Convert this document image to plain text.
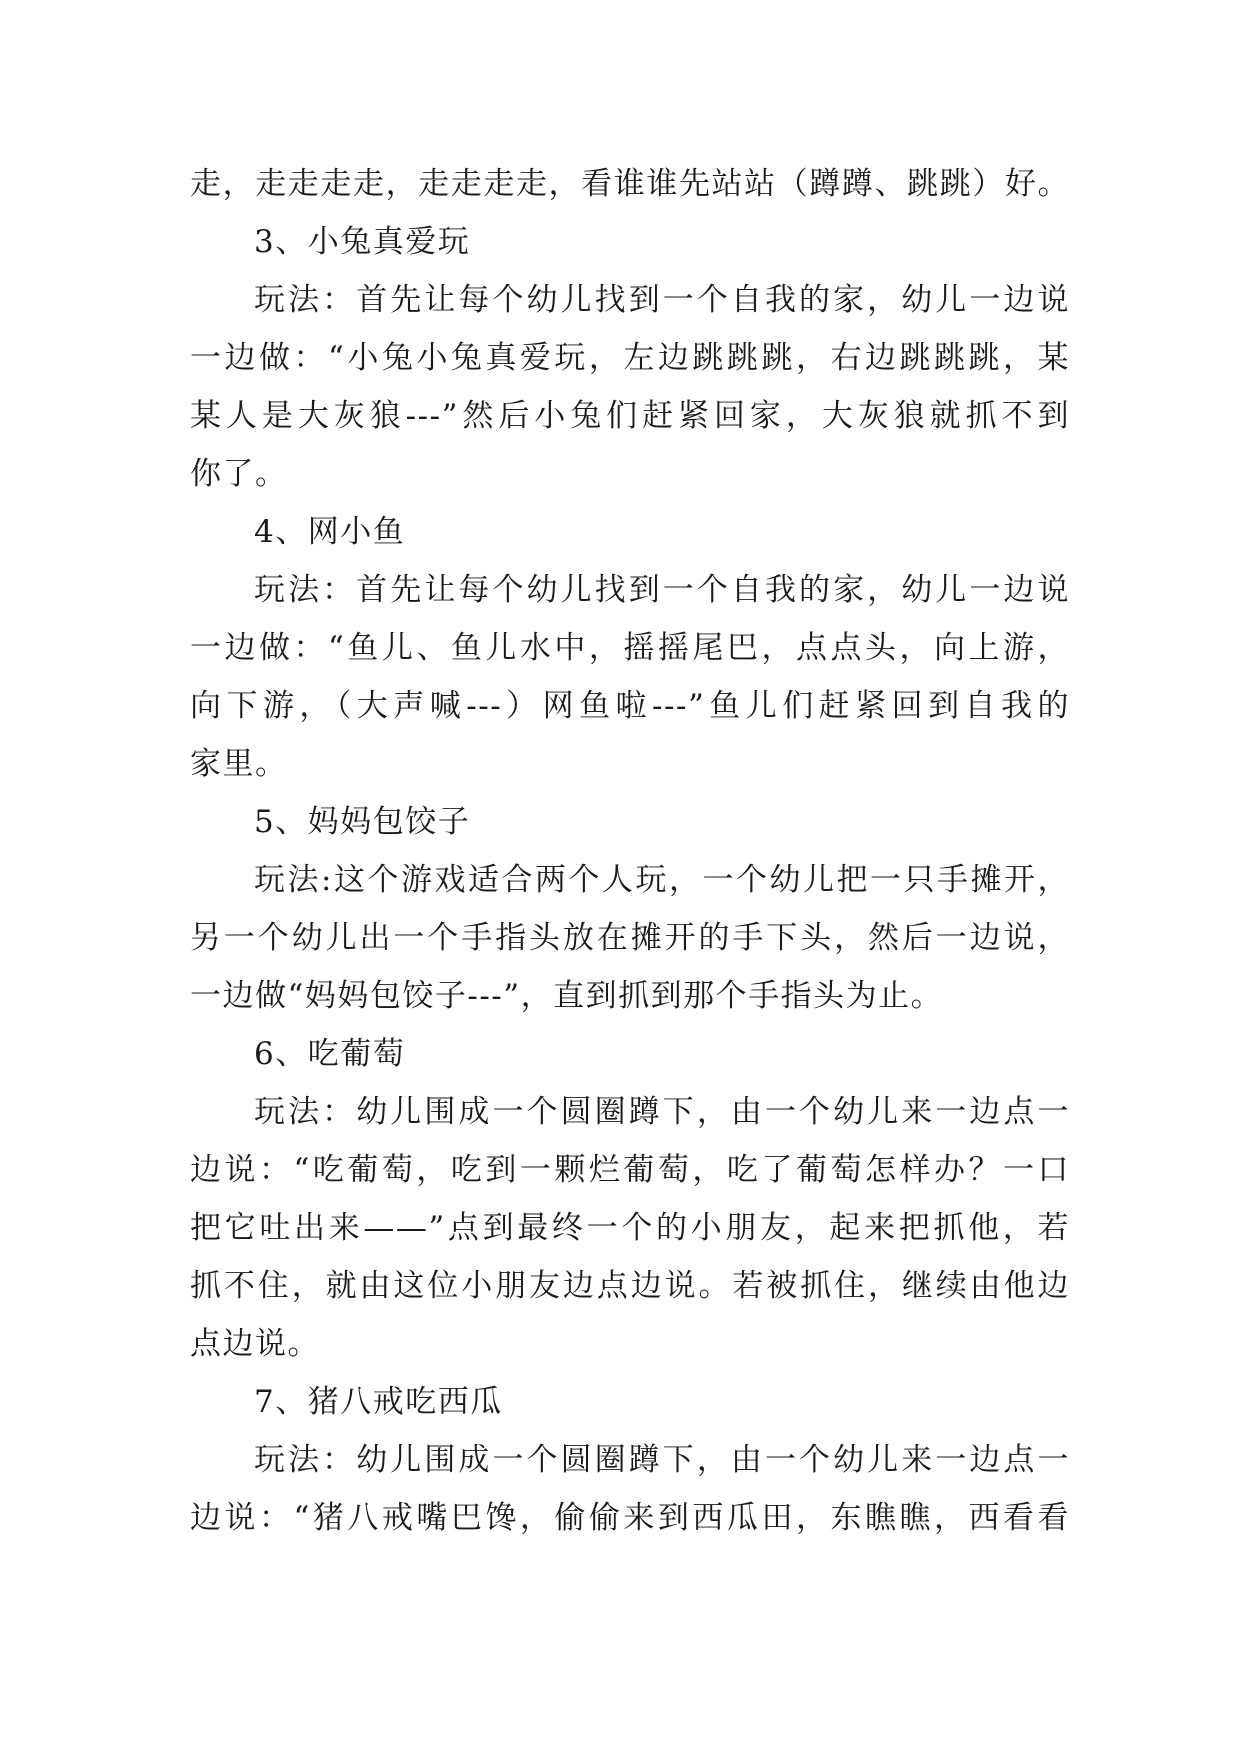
走，走走走走，走走走走，看谁谁先站站（蹲蹲、跳跳）好。
3、小兔真爱玩
玩法：首先让每个幼儿找到一个自我的家，幼儿一边说
一边做：“小兔小兔真爱玩，左边跳跳跳，右边跳跳跳，某
某人是大灰狼---”然后小兔们赶紧回家，大灰狼就抓不到
你了。
4、网小鱼
玩法：首先让每个幼儿找到一个自我的家，幼儿一边说
一边做：“鱼儿、鱼儿水中，摇摇尾巴，点点头，向上游，
向下游，（大声喊---）网鱼啦---”鱼儿们赶紧回到自我的
家里。
5、妈妈包饺子
玩法:这个游戏适合两个人玩，一个幼儿把一只手摊开，
另一个幼儿出一个手指头放在摊开的手下头，然后一边说，
一边做“妈妈包饺子---”，直到抓到那个手指头为止。
6、吃葡萄
玩法：幼儿围成一个圆圈蹲下，由一个幼儿来一边点一
边说：“吃葡萄，吃到一颗烂葡萄，吃了葡萄怎样办？一口
把它吐出来——”点到最终一个的小朋友，起来把抓他，若
抓不住，就由这位小朋友边点边说。若被抓住，继续由他边
点边说。
7、猪八戒吃西瓜
玩法：幼儿围成一个圆圈蹲下，由一个幼儿来一边点一
边说：“猪八戒嘴巴馋，偷偷来到西瓜田，东瞧瞧，西看看
